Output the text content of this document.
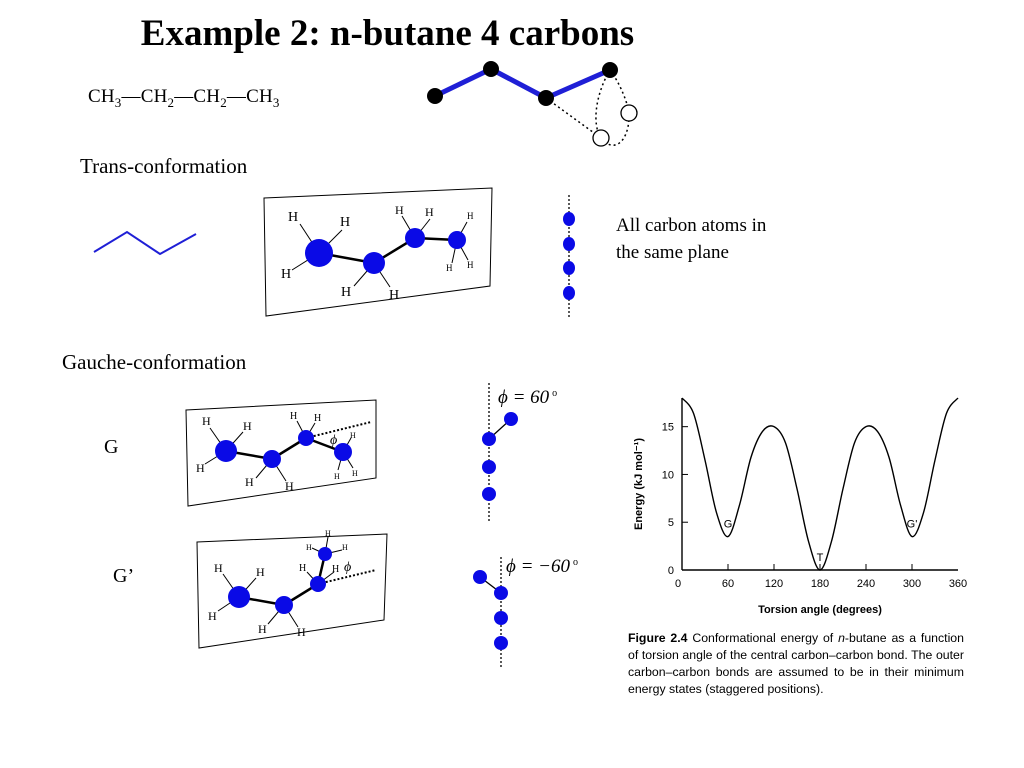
Example 2: n-butane 4 carbons
$CH_3—CH_2—CH_2—CH_3$
Trans-conformation
Gauche-conformation
All carbon atoms in
the same plane
G
G’
ϕ = 60 $^o$
ϕ = −60 $^o$
H	H
H
H	H
H H	H
H
H
H	H
H
H	H
H H
H
H
H
ϕ
H	H
H
H	H
H	H
H
H	H
ϕ
0	60	120	180	240	300	360
0
5
10
15
G
T
G'
Torsion angle (degrees)
Energy (kJ mol⁻¹)
Figure 2.4 Conformational energy of n-butane as a function of torsion angle of the central carbon–carbon bond. The outer carbon–carbon bonds are assumed to be in their minimum energy states (staggered positions).
